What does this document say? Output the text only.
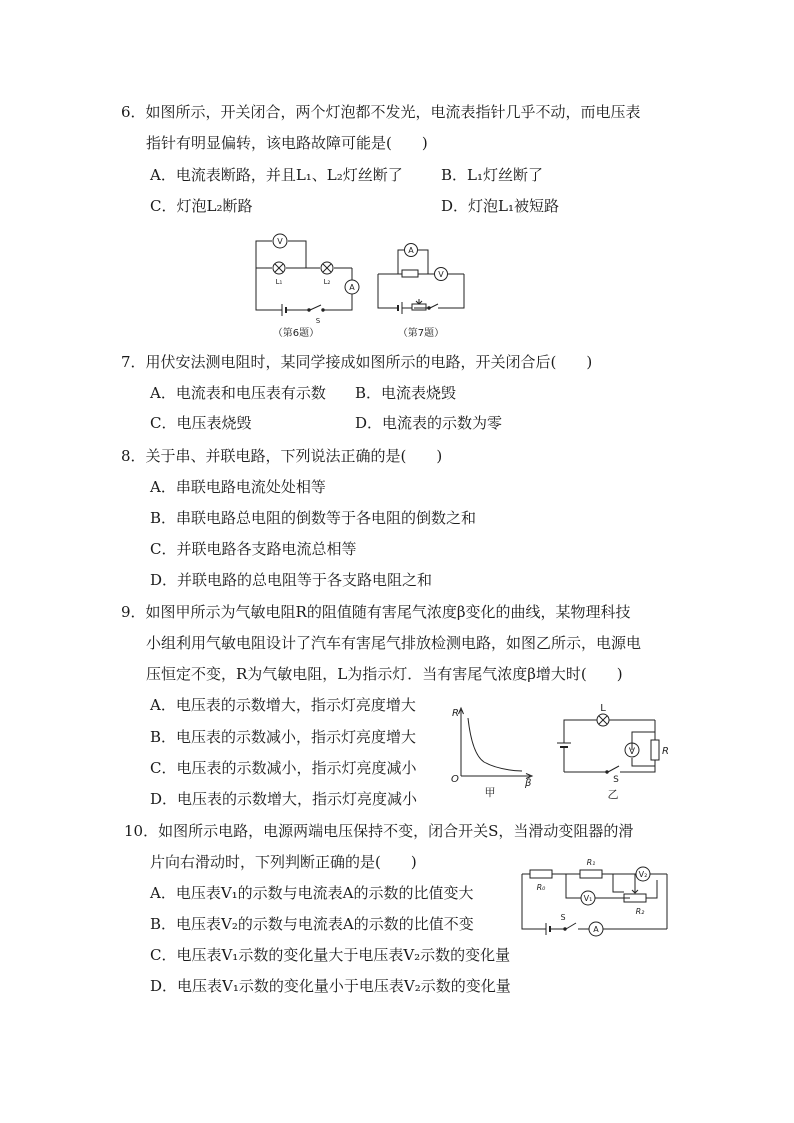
6．如图所示，开关闭合，两个灯泡都不发光，电流表指针几乎不动，而电压表
指针有明显偏转，该电路故障可能是(　　)
A．电流表断路，并且L₁、L₂灯丝断了	B．L₁灯丝断了
C．灯泡L₂断路	D．灯泡L₁被短路
V
A
L₁	L₂
S
（第6题）
A
V
（第7题）
7．用伏安法测电阻时，某同学接成如图所示的电路，开关闭合后(　　)
A．电流表和电压表有示数 B．电流表烧毁
C．电压表烧毁	D．电流表的示数为零
8．关于串、并联电路，下列说法正确的是(　　)
A．串联电路电流处处相等
B．串联电路总电阻的倒数等于各电阻的倒数之和
C．并联电路各支路电流总相等
D．并联电路的总电阻等于各支路电阻之和
9．如图甲所示为气敏电阻R的阻值随有害尾气浓度β变化的曲线，某物理科技
小组利用气敏电阻设计了汽车有害尾气排放检测电路，如图乙所示，电源电
压恒定不变，R为气敏电阻，L为指示灯．当有害尾气浓度β增大时(　　)
A．电压表的示数增大，指示灯亮度增大
B．电压表的示数减小，指示灯亮度增大
C．电压表的示数减小，指示灯亮度减小
D．电压表的示数增大，指示灯亮度减小
R
O	β
甲
L
V	R
S
乙
10．如图所示电路，电源两端电压保持不变，闭合开关S，当滑动变阻器的滑
片向右滑动时，下列判断正确的是(　　)
A．电压表V₁的示数与电流表A的示数的比值变大
B．电压表V₂的示数与电流表A的示数的比值不变
C．电压表V₁示数的变化量大于电压表V₂示数的变化量
D．电压表V₁示数的变化量小于电压表V₂示数的变化量
R₀
R₁
R₂
V₁
V₂
A
S
